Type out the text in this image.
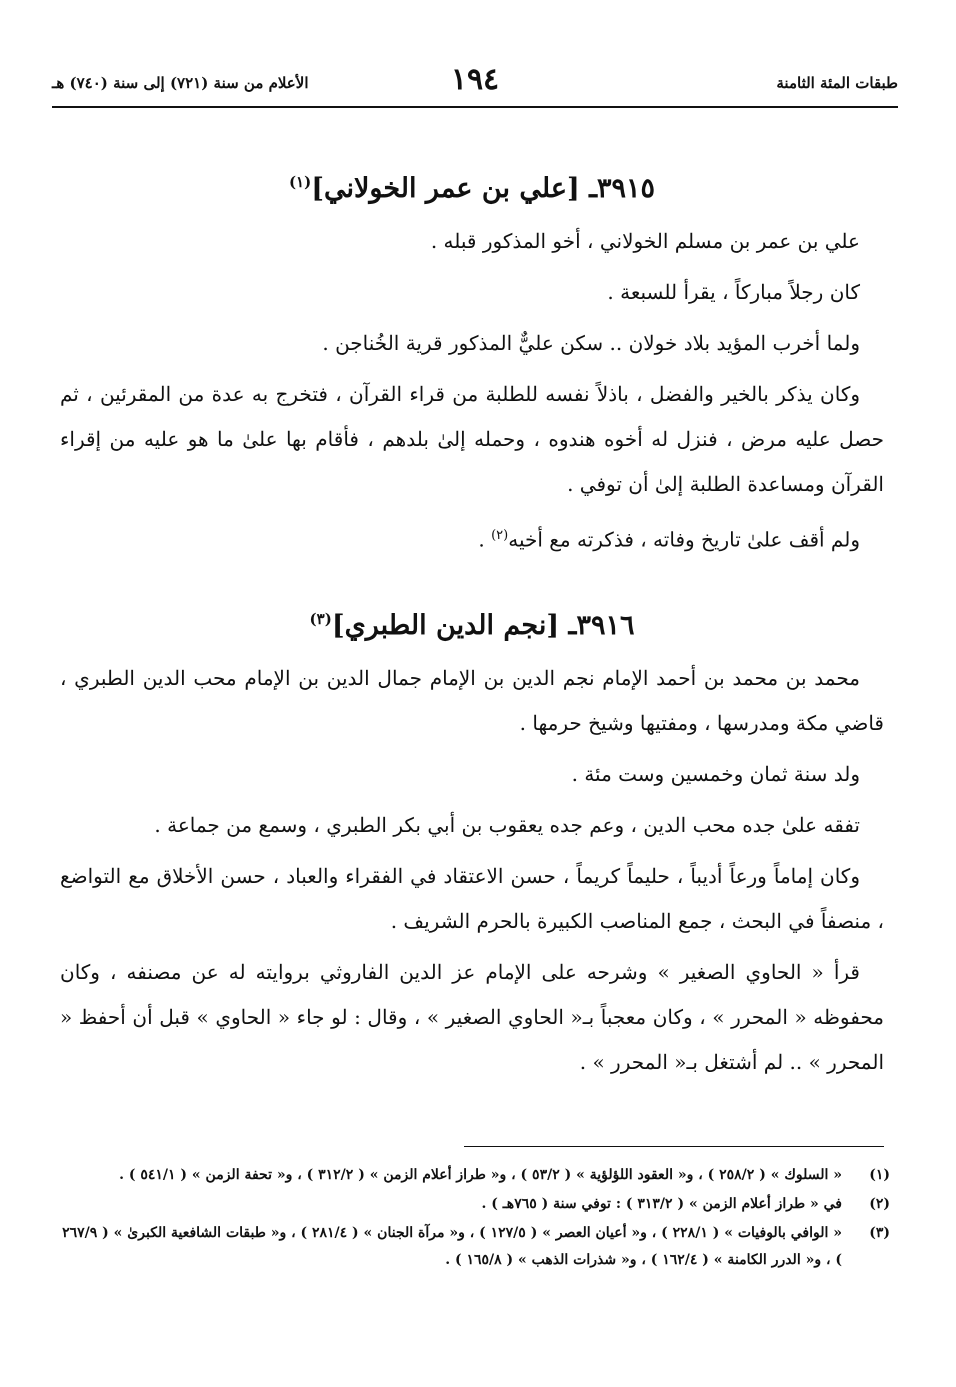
طبقات المئة الثامنة
١٩٤
الأعلام من سنة (٧٢١) إلى سنة (٧٤٠) هـ
٣٩١٥ـ [علي بن عمر الخولاني]$^{(١)}$

علي بن عمر بن مسلم الخولاني ، أخو المذكور قبله .

كان رجلاً مباركاً ، يقرأ للسبعة .

ولما أخرب المؤيد بلاد خولان .. سكن عليٌّ المذكور قرية الخُناجن .

وكان يذكر بالخير والفضل ، باذلاً نفسه للطلبة من قراء القرآن ، فتخرج به عدة من المقرئين ، ثم حصل عليه مرض ، فنزل له أخوه هندوه ، وحمله إلىٰ بلدهم ، فأقام بها علىٰ ما هو عليه من إقراء القرآن ومساعدة الطلبة إلىٰ أن توفي .

ولم أقف علىٰ تاريخ وفاته ، فذكرته مع أخيه$^{(٢)}$ .

٣٩١٦ـ [نجم الدين الطبري]$^{(٣)}$

محمد بن محمد بن أحمد الإمام نجم الدين بن الإمام جمال الدين بن الإمام محب الدين الطبري ، قاضي مكة ومدرسها ، ومفتيها وشيخ حرمها .

ولد سنة ثمان وخمسين وست مئة .

تفقه علىٰ جده محب الدين ، وعم جده يعقوب بن أبي بكر الطبري ، وسمع من جماعة .

وكان إماماً ورعاً أديباً ، حليماً كريماً ، حسن الاعتقاد في الفقراء والعباد ، حسن الأخلاق مع التواضع ، منصفاً في البحث ، جمع المناصب الكبيرة بالحرم الشريف .

قرأ « الحاوي الصغير » وشرحه على الإمام عز الدين الفاروثي بروايته له عن مصنفه ، وكان محفوظه « المحرر » ، وكان معجباً بـ« الحاوي الصغير » ، وقال : لو جاء « الحاوي » قبل أن أحفظ « المحرر » .. لم أشتغل بـ« المحرر » .

(١)
« السلوك » ( ٢٥٨/٢ ) ، و« العقود اللؤلؤية » ( ٥٣/٢ ) ، و« طراز أعلام الزمن » ( ٣١٢/٢ ) ، و« تحفة الزمن » ( ٥٤١/١ ) .
(٢)
في « طراز أعلام الزمن » ( ٣١٣/٢ ) : توفي سنة ( ٧٦٥هـ ) .
(٣)
« الوافي بالوفيات » ( ٢٢٨/١ ) ، و« أعيان العصر » ( ١٢٧/٥ ) ، و« مرآة الجنان » ( ٢٨١/٤ ) ، و« طبقات الشافعية الكبرىٰ » ( ٢٦٧/٩ ) ، و« الدرر الكامنة » ( ١٦٢/٤ ) ، و« شذرات الذهب » ( ١٦٥/٨ ) .
